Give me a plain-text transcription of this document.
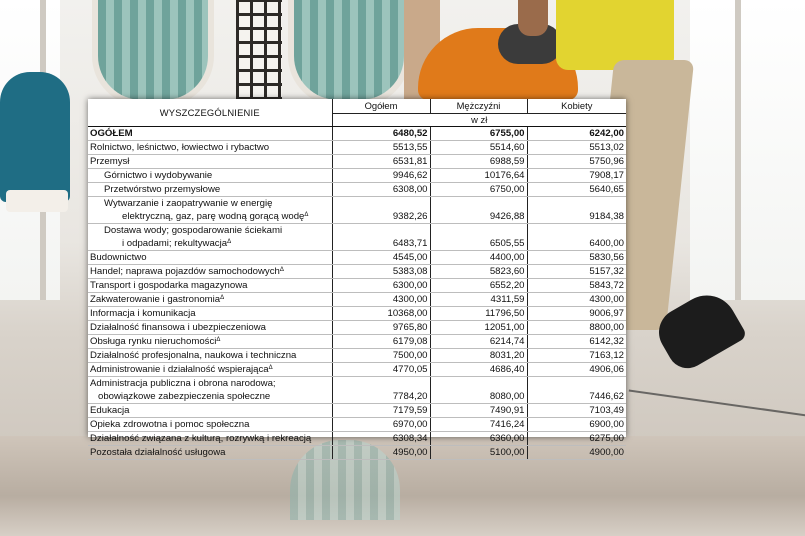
WYSZCZEGÓLNIENIE	Ogółem	Mężczyźni	Kobiety
	w zł		
OGÓŁEM	6480,52	6755,00	6242,00
Rolnictwo, leśnictwo, łowiectwo i rybactwo	5513,55	5514,60	5513,02
Przemysł	6531,81	6988,59	5750,96
Górnictwo i wydobywanie	9946,62	10176,64	7908,17
Przetwórstwo przemysłowe	6308,00	6750,00	5640,65
Wytwarzanie i zaopatrywanie w energię			
elektryczną, gaz, parę wodną gorącą wodę$^\Delta$	9382,26	9426,88	9184,38
Dostawa wody; gospodarowanie ściekami			
i odpadami; rekultywacja$^\Delta$	6483,71	6505,55	6400,00
Budownictwo	4545,00	4400,00	5830,56
Handel; naprawa pojazdów samochodowych$^\Delta$	5383,08	5823,60	5157,32
Transport i gospodarka magazynowa	6300,00	6552,20	5843,72
Zakwaterowanie i gastronomia$^\Delta$	4300,00	4311,59	4300,00
Informacja i komunikacja	10368,00	11796,50	9006,97
Działalność finansowa i ubezpieczeniowa	9765,80	12051,00	8800,00
Obsługa rynku nieruchomości$^\Delta$	6179,08	6214,74	6142,32
Działalność profesjonalna, naukowa i techniczna	7500,00	8031,20	7163,12
Administrowanie i działalność wspierająca$^\Delta$	4770,05	4686,40	4906,06
Administracja publiczna i obrona narodowa;			
obowiązkowe zabezpieczenia społeczne	7784,20	8080,00	7446,62
Edukacja	7179,59	7490,91	7103,49
Opieka zdrowotna i pomoc społeczna	6970,00	7416,24	6900,00
Działalność związana z kulturą, rozrywką i rekreacją	6308,34	6360,00	6275,00
Pozostała działalność usługowa	4950,00	5100,00	4900,00
